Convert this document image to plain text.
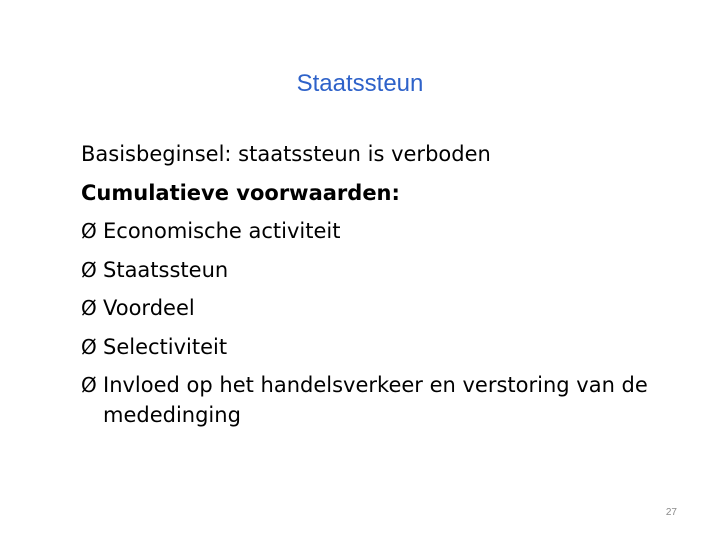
Staatssteun
Basisbeginsel: staatssteun is verboden
Cumulatieve voorwaarden:
Ø Economische activiteit
Ø Staatssteun
Ø Voordeel
Ø Selectiviteit
Ø Invloed op het handelsverkeer en verstoring van de mededinging
27
